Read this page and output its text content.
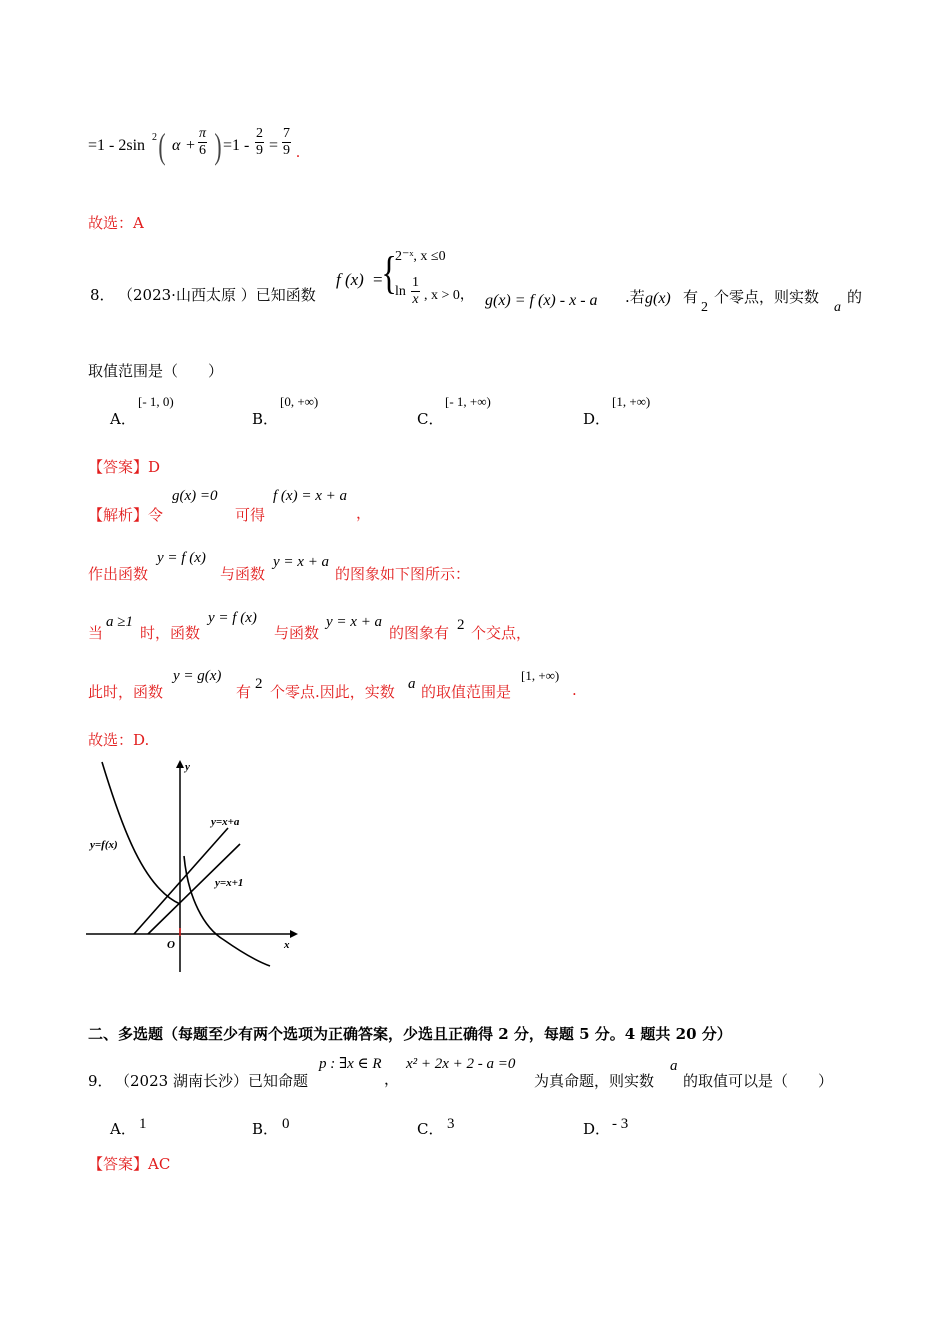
=1 - 2sin 2 ( $\alpha + \frac{\pi}{6}$ ) $=1 - \frac{2}{9} = \frac{7}{9}$ .
故选：A
8． （2023·山西太原 ）已知函数
f (x) =
{
2⁻ˣ, x ≤0
$\ln \frac{1}{x}$ , x > 0， g(x) = f (x) - x - a .若 g(x) 有
2
个零点，则实数
a
的
取值范围是（　　）
A．
[- 1, 0)
B．
[0, +∞)
C．
[- 1, +∞)
D．
[1, +∞)
【答案】D
【解析】令
g(x) =0
可得
f (x) = x + a
，
作出函数
y = f (x)
与函数
y = x + a
的图象如下图所示：
当
a ≥1
时，函数
y = f (x)
与函数
y = x + a
的图象有 2 个交点，
此时，函数
y = g(x)
有 2 个零点.因此，实数 a 的取值范围是
[1, +∞)
.
故选：D.
y
x
O
y=f(x)
y=x+a
y=x+1
二、多选题（每题至少有两个选项为正确答案，少选且正确得 2 分，每题 5 分。4 题共 20 分）
9． （2023 湖南长沙）已知命题
p : ∃x ∈ R
，
x² + 2x + 2 - a =0
为真命题，则实数
a
的取值可以是（　　）
A． 1	B． 0	C． 3	D． - 3
【答案】AC
